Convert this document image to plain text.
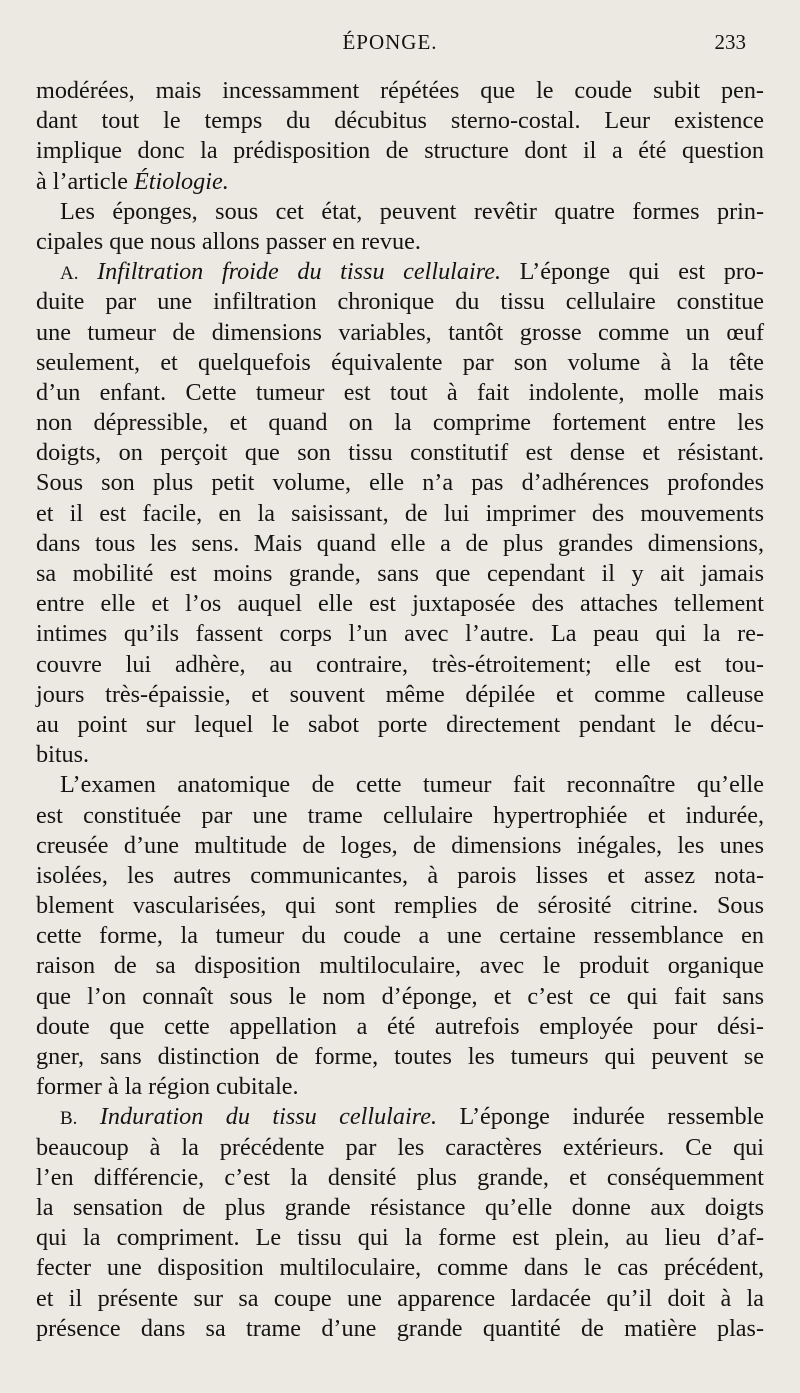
ÉPONGE.	233
modérées, mais incessamment répétées que le coude subit pen-
dant tout le temps du décubitus sterno-costal. Leur existence
implique donc la prédisposition de structure dont il a été question
à l’article Étiologie.
Les éponges, sous cet état, peuvent revêtir quatre formes prin-
cipales que nous allons passer en revue.
A. Infiltration froide du tissu cellulaire. L’éponge qui est pro-
duite par une infiltration chronique du tissu cellulaire constitue
une tumeur de dimensions variables, tantôt grosse comme un œuf
seulement, et quelquefois équivalente par son volume à la tête
d’un enfant. Cette tumeur est tout à fait indolente, molle mais
non dépressible, et quand on la comprime fortement entre les
doigts, on perçoit que son tissu constitutif est dense et résistant.
Sous son plus petit volume, elle n’a pas d’adhérences profondes
et il est facile, en la saisissant, de lui imprimer des mouvements
dans tous les sens. Mais quand elle a de plus grandes dimensions,
sa mobilité est moins grande, sans que cependant il y ait jamais
entre elle et l’os auquel elle est juxtaposée des attaches tellement
intimes qu’ils fassent corps l’un avec l’autre. La peau qui la re-
couvre lui adhère, au contraire, très-étroitement; elle est tou-
jours très-épaissie, et souvent même dépilée et comme calleuse
au point sur lequel le sabot porte directement pendant le décu-
bitus.
L’examen anatomique de cette tumeur fait reconnaître qu’elle
est constituée par une trame cellulaire hypertrophiée et indurée,
creusée d’une multitude de loges, de dimensions inégales, les unes
isolées, les autres communicantes, à parois lisses et assez nota-
blement vascularisées, qui sont remplies de sérosité citrine. Sous
cette forme, la tumeur du coude a une certaine ressemblance en
raison de sa disposition multiloculaire, avec le produit organique
que l’on connaît sous le nom d’éponge, et c’est ce qui fait sans
doute que cette appellation a été autrefois employée pour dési-
gner, sans distinction de forme, toutes les tumeurs qui peuvent se
former à la région cubitale.
B. Induration du tissu cellulaire. L’éponge indurée ressemble
beaucoup à la précédente par les caractères extérieurs. Ce qui
l’en différencie, c’est la densité plus grande, et conséquemment
la sensation de plus grande résistance qu’elle donne aux doigts
qui la compriment. Le tissu qui la forme est plein, au lieu d’af-
fecter une disposition multiloculaire, comme dans le cas précédent,
et il présente sur sa coupe une apparence lardacée qu’il doit à la
présence dans sa trame d’une grande quantité de matière plas-
